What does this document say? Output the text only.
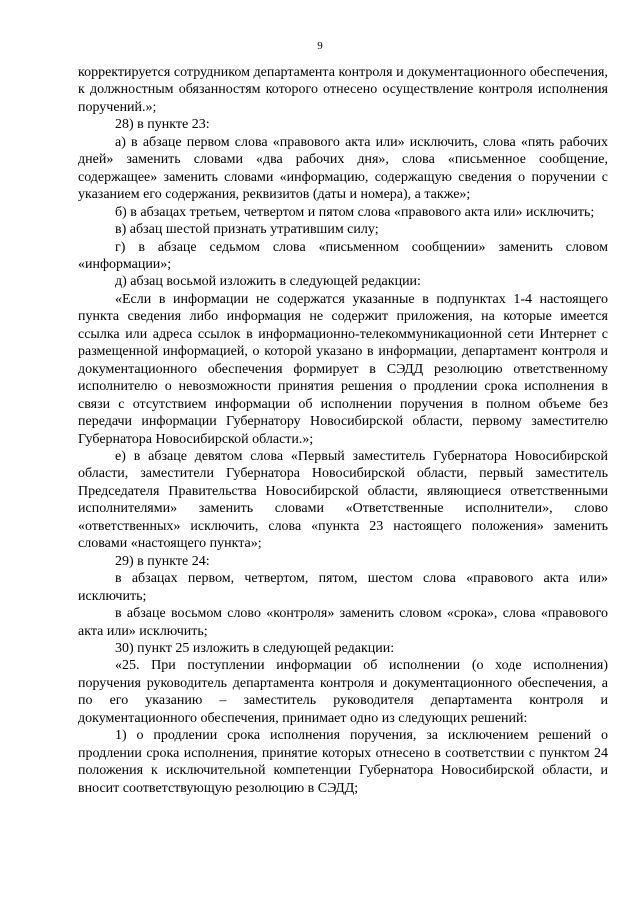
9

корректируется сотрудником департамента контроля и документационного обеспечения, к должностным обязанностям которого отнесено осуществление контроля исполнения поручений.»;

28) в пункте 23:

а) в абзаце первом слова «правового акта или» исключить, слова «пять рабочих дней» заменить словами «два рабочих дня», слова «письменное сообщение, содержащее» заменить словами «информацию, содержащую сведения о поручении с указанием его содержания, реквизитов (даты и номера), а также»;

б) в абзацах третьем, четвертом и пятом слова «правового акта или» исключить;

в) абзац шестой признать утратившим силу;

г) в абзаце седьмом слова «письменном сообщении» заменить словом «информации»;

д) абзац восьмой изложить в следующей редакции:

«Если в информации не содержатся указанные в подпунктах 1-4 настоящего пункта сведения либо информация не содержит приложения, на которые имеется ссылка или адреса ссылок в информационно-телекоммуникационной сети Интернет с размещенной информацией, о которой указано в информации, департамент контроля и документационного обеспечения формирует в СЭДД резолюцию ответственному исполнителю о невозможности принятия решения о продлении срока исполнения в связи с отсутствием информации об исполнении поручения в полном объеме без передачи информации Губернатору Новосибирской области, первому заместителю Губернатора Новосибирской области.»;

е) в абзаце девятом слова «Первый заместитель Губернатора Новосибирской области, заместители Губернатора Новосибирской области, первый заместитель Председателя Правительства Новосибирской области, являющиеся ответственными исполнителями» заменить словами «Ответственные исполнители», слово «ответственных» исключить, слова «пункта 23 настоящего положения» заменить словами «настоящего пункта»;

29) в пункте 24:

в абзацах первом, четвертом, пятом, шестом слова «правового акта или» исключить;

в абзаце восьмом слово «контроля» заменить словом «срока», слова «правового акта или» исключить;

30) пункт 25 изложить в следующей редакции:

«25. При поступлении информации об исполнении (о ходе исполнения) поручения руководитель департамента контроля и документационного обеспечения, а по его указанию – заместитель руководителя департамента контроля и документационного обеспечения, принимает одно из следующих решений:

1) о продлении срока исполнения поручения, за исключением решений о продлении срока исполнения, принятие которых отнесено в соответствии с пунктом 24 положения к исключительной компетенции Губернатора Новосибирской области, и вносит соответствующую резолюцию в СЭДД;
